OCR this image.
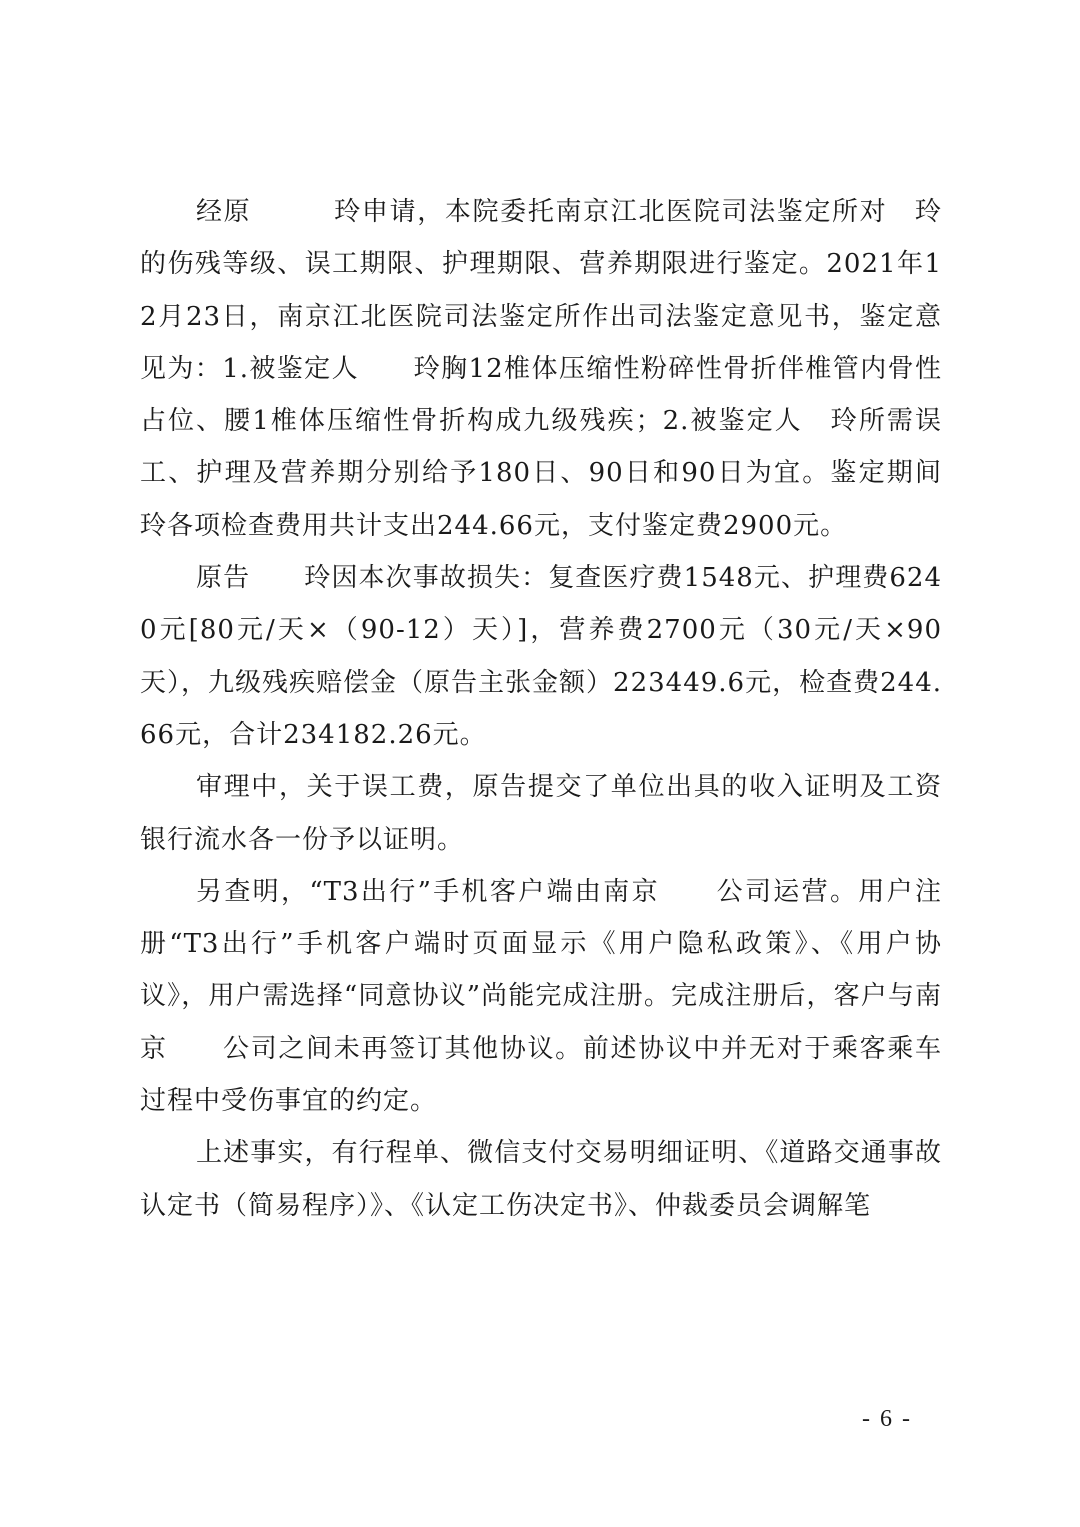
经原　　　玲申请，本院委托南京江北医院司法鉴定所对　玲的伤残等级、误工期限、护理期限、营养期限进行鉴定。2021年12月23日，南京江北医院司法鉴定所作出司法鉴定意见书，鉴定意见为：1.被鉴定人　　玲胸12椎体压缩性粉碎性骨折伴椎管内骨性占位、腰1椎体压缩性骨折构成九级残疾；2.被鉴定人　玲所需误工、护理及营养期分别给予180日、90日和90日为宜。鉴定期间　　　玲各项检查费用共计支出244.66元，支付鉴定费2900元。

原告　　玲因本次事故损失：复查医疗费1548元、护理费6240元[80元/天×（90-12）天）]，营养费2700元（30元/天×90天），九级残疾赔偿金（原告主张金额）223449.6元，检查费244.66元，合计234182.26元。

审理中，关于误工费，原告提交了单位出具的收入证明及工资银行流水各一份予以证明。

另查明，“T3出行”手机客户端由南京　　公司运营。用户注册“T3出行”手机客户端时页面显示《用户隐私政策》、《用户协议》，用户需选择“同意协议”尚能完成注册。完成注册后，客户与南京　　公司之间未再签订其他协议。前述协议中并无对于乘客乘车过程中受伤事宜的约定。

上述事实，有行程单、微信支付交易明细证明、《道路交通事故认定书（简易程序）》、《认定工伤决定书》、仲裁委员会调解笔

- 6 -
